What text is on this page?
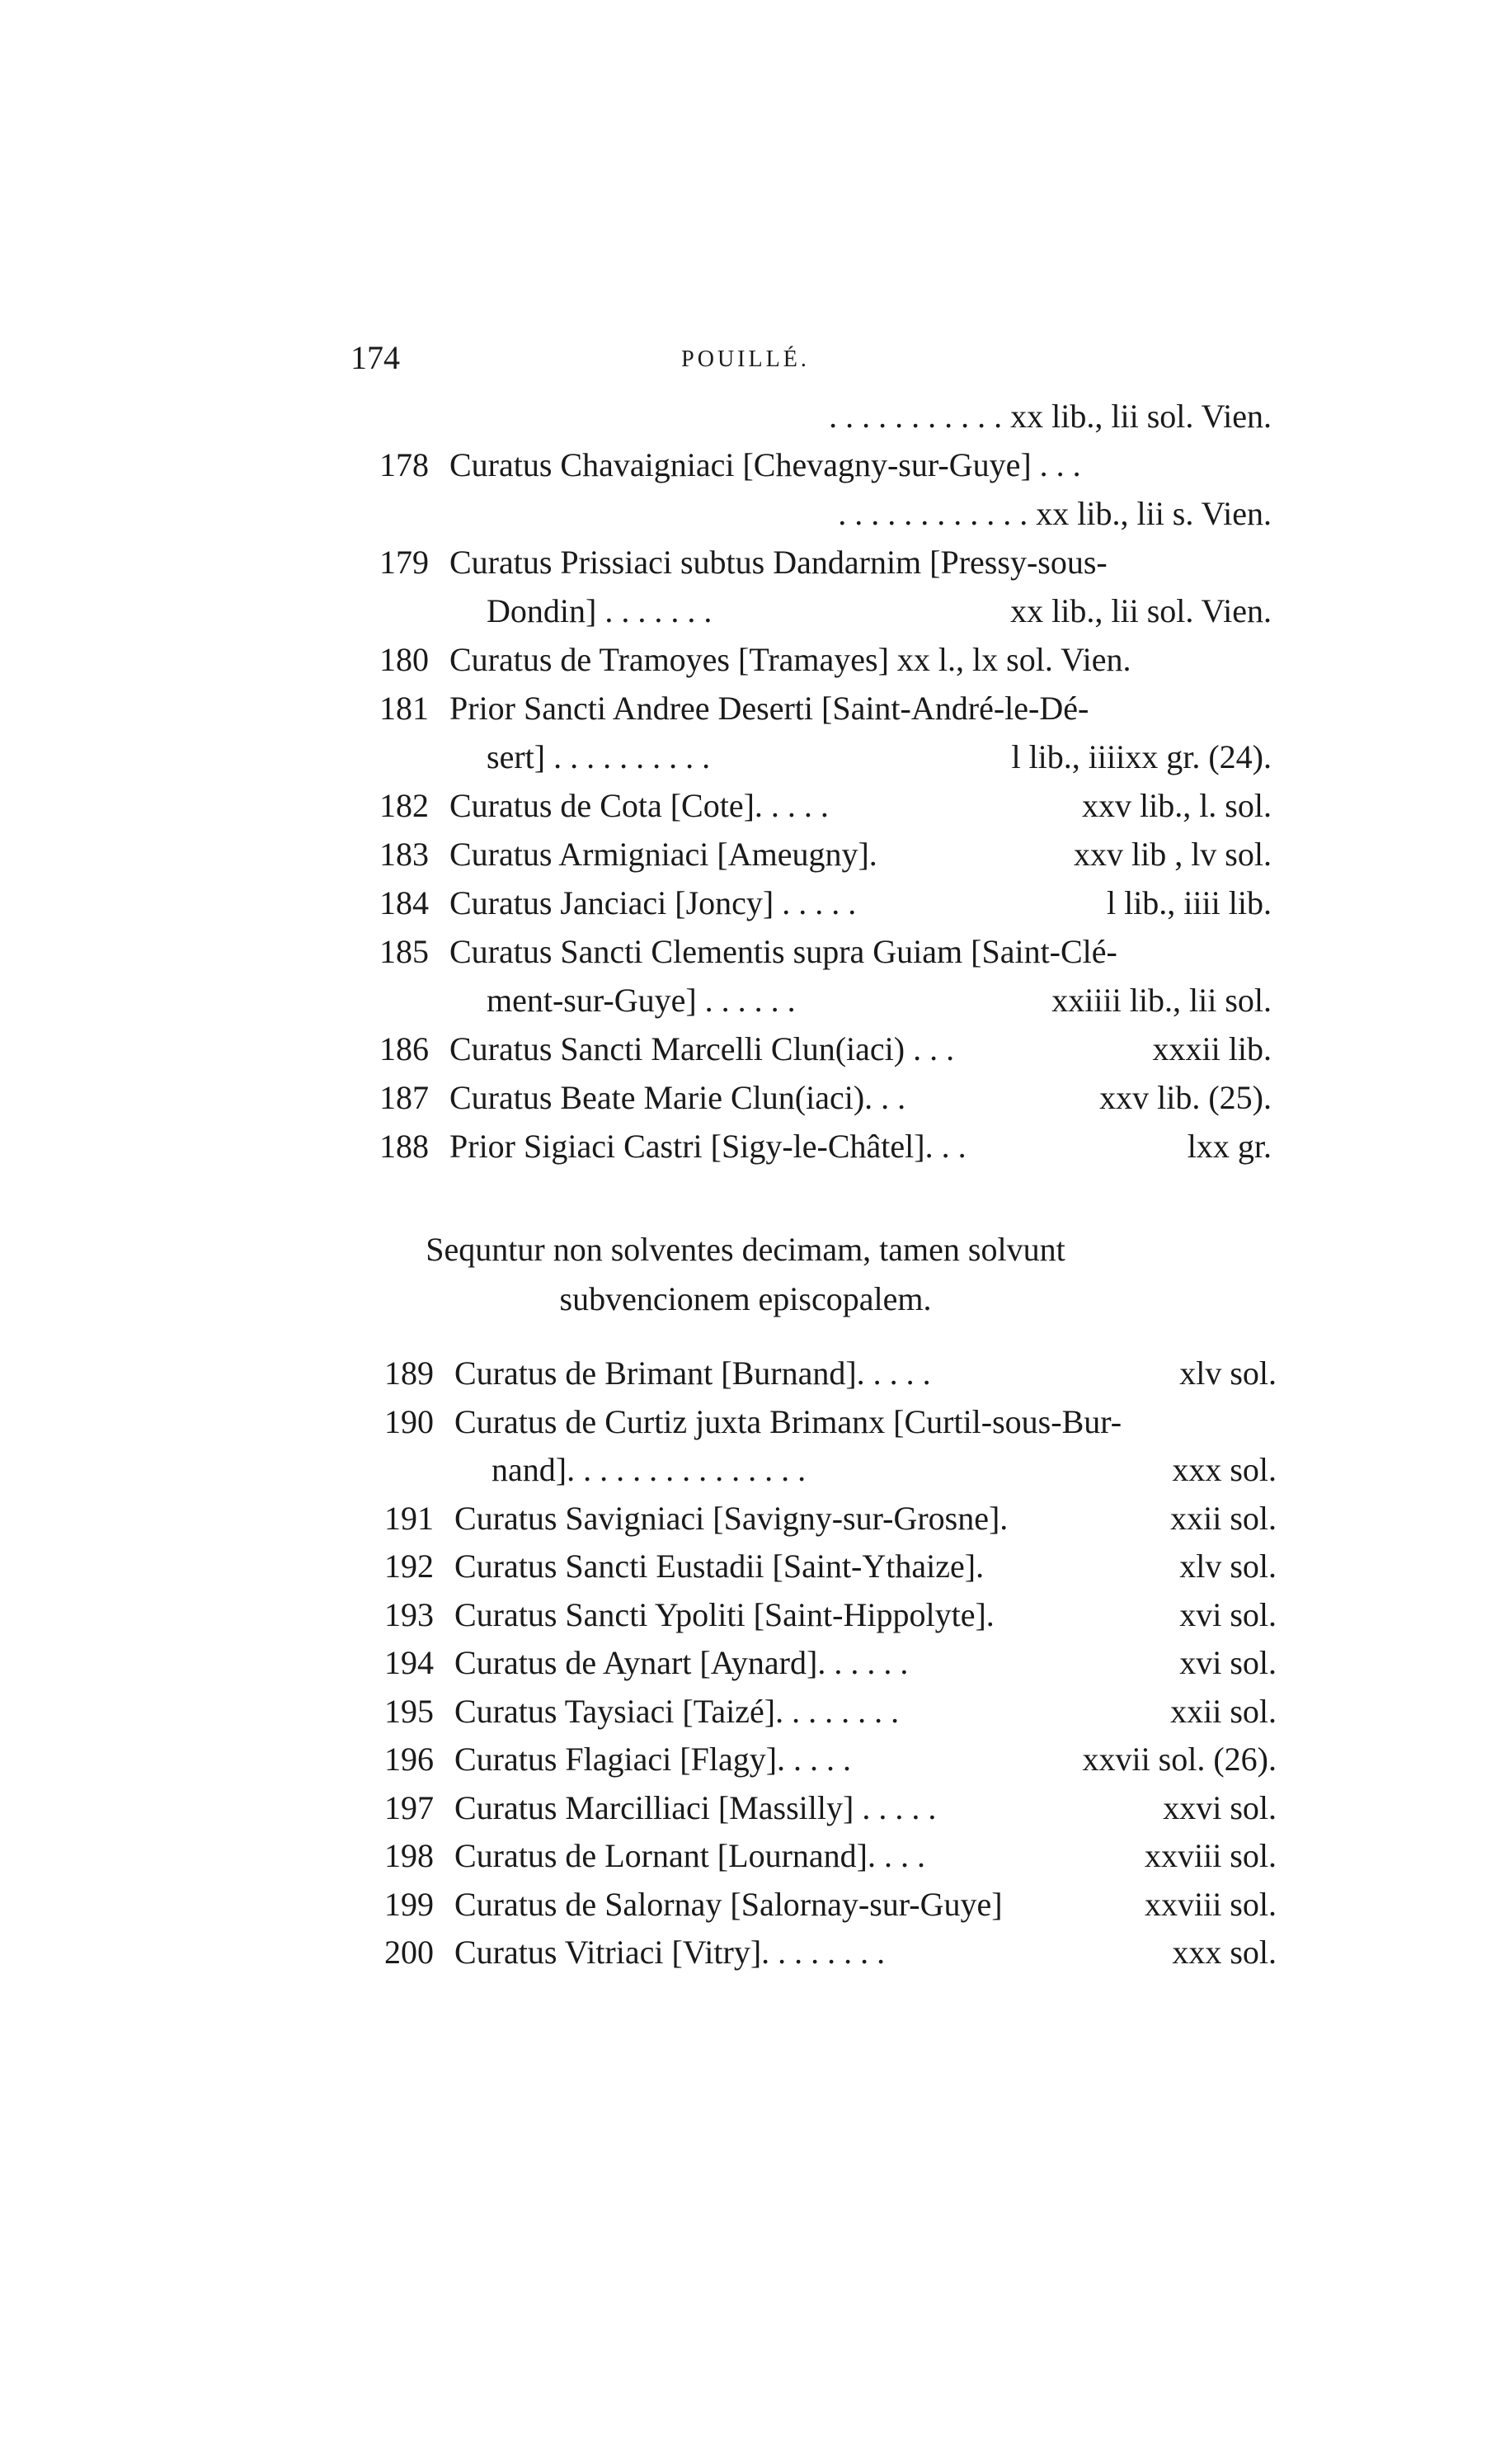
174	POUILLÉ.
. . . . . . . . . . . xx lib., lii sol. Vien.
178 Curatus Chavaigniaci [Chevagny-sur-Guye] . . .
. . . . . . . . . . . . xx lib., lii s. Vien.
179 Curatus Prissiaci subtus Dandarnim [Pressy-sous-
Dondin] . . . . . . .	xx lib., lii sol. Vien.
180 Curatus de Tramoyes [Tramayes] xx l., lx sol. Vien.
181 Prior Sancti Andree Deserti [Saint-André-le-Dé-
sert] . . . . . . . . . .	l lib., iiiixx gr. (24).
182 Curatus de Cota [Cote]. . . . .	xxv lib., l. sol.
183 Curatus Armigniaci [Ameugny].	xxv lib , lv sol.
184 Curatus Janciaci [Joncy] . . . . .	l lib., iiii lib.
185 Curatus Sancti Clementis supra Guiam [Saint-Clé-
ment-sur-Guye] . . . . . .	xxiiii lib., lii sol.
186 Curatus Sancti Marcelli Clun(iaci) . . .	xxxii lib.
187 Curatus Beate Marie Clun(iaci). . .	xxv lib. (25).
188 Prior Sigiaci Castri [Sigy-le-Châtel]. . .	lxx gr.
Sequntur non solventes decimam, tamen solvunt
subvencionem episcopalem.
189 Curatus de Brimant [Burnand]. . . . .	xlv sol.
190 Curatus de Curtiz juxta Brimanx [Curtil-sous-Bur-
nand]. . . . . . . . . . . . . . .	xxx sol.
191 Curatus Savigniaci [Savigny-sur-Grosne].	xxii sol.
192 Curatus Sancti Eustadii [Saint-Ythaize].	xlv sol.
193 Curatus Sancti Ypoliti [Saint-Hippolyte].	xvi sol.
194 Curatus de Aynart [Aynard]. . . . . .	xvi sol.
195 Curatus Taysiaci [Taizé]. . . . . . . .	xxii sol.
196 Curatus Flagiaci [Flagy]. . . . .	xxvii sol. (26).
197 Curatus Marcilliaci [Massilly] . . . . .	xxvi sol.
198 Curatus de Lornant [Lournand]. . . .	xxviii sol.
199 Curatus de Salornay [Salornay-sur-Guye]	xxviii sol.
200 Curatus Vitriaci [Vitry]. . . . . . . .	xxx sol.
